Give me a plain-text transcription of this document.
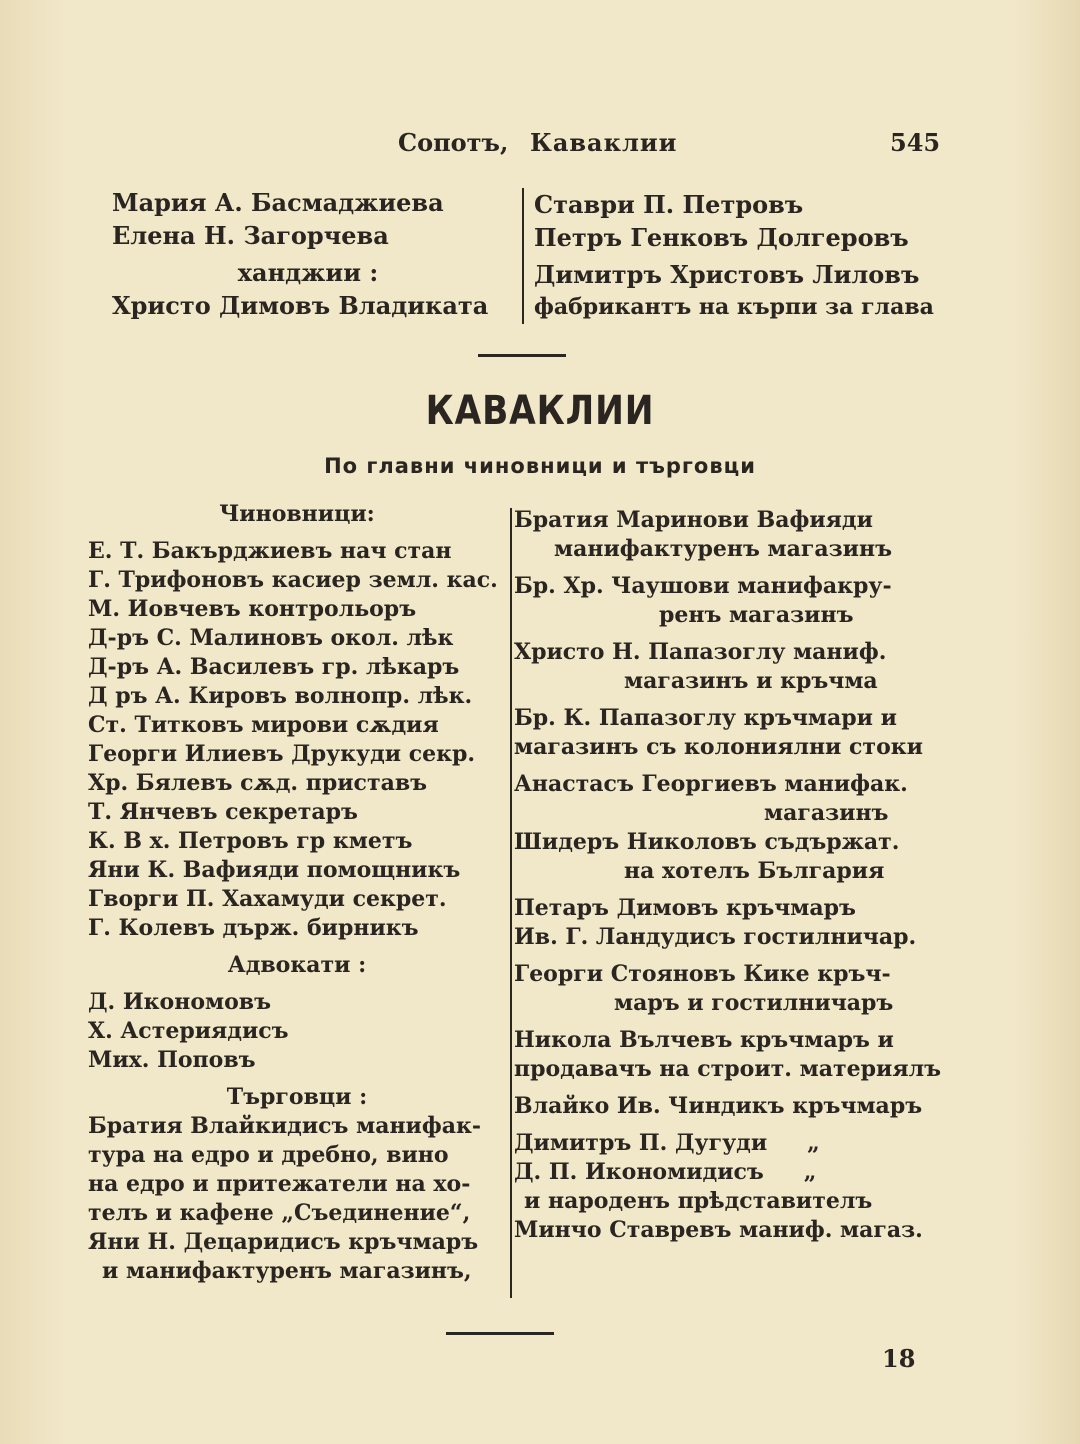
Сопотъ, Каваклии	545
Мария А. Басмаджиева
Елена Н. Загорчева
ханджии :
Христо Димовъ Владиката
Ставри П. Петровъ
Петръ Генковъ Долгеровъ
Димитръ Христовъ Лиловъ
фабрикантъ на кърпи за глава
КАВАКЛИИ
По главни чиновници и търговци
Чиновници:
Е. Т. Бакърджиевъ нач стан
Г. Трифоновъ касиер земл. кас.
М. Иовчевъ контрольоръ
Д-ръ С. Малиновъ окол. лѣк
Д-ръ А. Василевъ гр. лѣкаръ
Д ръ А. Кировъ волнопр. лѣк.
Ст. Титковъ мирови сѫдия
Георги Илиевъ Друкуди секр.
Хр. Бялевъ сѫд. приставъ
Т. Янчевъ секретаръ
К. В х. Петровъ гр кметъ
Яни К. Вафияди помощникъ
Гворги П. Хахамуди секрет.
Г. Колевъ държ. бирникъ
Адвокати :
Д. Икономовъ
Х. Астериядисъ
Мих. Поповъ
Търговци :
Братия Влайкидисъ манифак-
тура на едро и дребно, вино
на едро и притежатели на хо-
телъ и кафене „Съединение“,
Яни Н. Децаридисъ кръчмаръ
и манифактуренъ магазинъ,
Братия Маринови Вафияди
манифактуренъ магазинъ
Бр. Хр. Чаушови манифакру-
ренъ магазинъ
Христо Н. Папазоглу маниф.
магазинъ и кръчма
Бр. К. Папазоглу кръчмари и
магазинъ съ колониялни стоки
Анастасъ Георгиевъ манифак.
магазинъ
Шидеръ Николовъ съдържат.
на хотелъ България
Петаръ Димовъ кръчмаръ
Ив. Г. Ландудисъ гостилничар.
Георги Стояновъ Кике кръч-
маръ и гостилничаръ
Никола Вълчевъ кръчмаръ и
продавачъ на строит. материялъ
Влайко Ив. Чиндикъ кръчмаръ
Димитръ П. Дугуди „
Д. П. Икономидисъ „
и народенъ прѣдставителъ
Минчо Ставревъ маниф. магаз.
18
